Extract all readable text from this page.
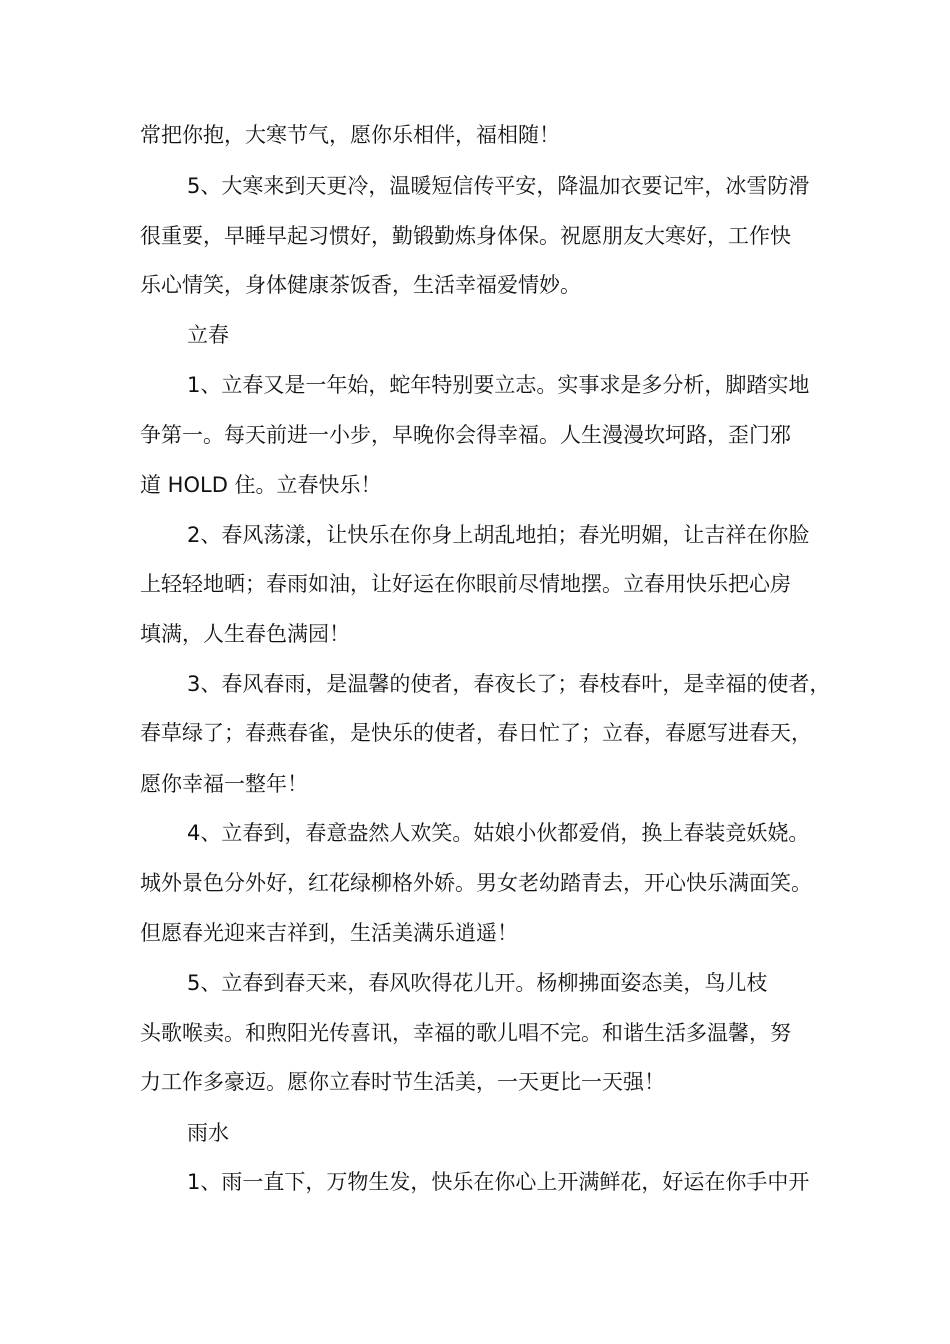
常把你抱，大寒节气，愿你乐相伴，福相随！
5、大寒来到天更冷，温暖短信传平安，降温加衣要记牢，冰雪防滑
很重要，早睡早起习惯好，勤锻勤炼身体保。祝愿朋友大寒好，工作快
乐心情笑，身体健康茶饭香，生活幸福爱情妙。
立春
1、立春又是一年始，蛇年特别要立志。实事求是多分析，脚踏实地
争第一。每天前进一小步，早晚你会得幸福。人生漫漫坎坷路，歪门邪
道 HOLD 住。立春快乐！
2、春风荡漾，让快乐在你身上胡乱地拍；春光明媚，让吉祥在你脸
上轻轻地晒；春雨如油，让好运在你眼前尽情地摆。立春用快乐把心房
填满，人生春色满园！
3、春风春雨，是温馨的使者，春夜长了；春枝春叶，是幸福的使者，
春草绿了；春燕春雀，是快乐的使者，春日忙了；立春，春愿写进春天，
愿你幸福一整年！
4、立春到，春意盎然人欢笑。姑娘小伙都爱俏，换上春装竞妖娆。
城外景色分外好，红花绿柳格外娇。男女老幼踏青去，开心快乐满面笑。
但愿春光迎来吉祥到，生活美满乐逍遥！
5、立春到春天来，春风吹得花儿开。杨柳拂面姿态美，鸟儿枝
头歌喉卖。和煦阳光传喜讯，幸福的歌儿唱不完。和谐生活多温馨，努
力工作多豪迈。愿你立春时节生活美，一天更比一天强！
雨水
1、雨一直下，万物生发，快乐在你心上开满鲜花，好运在你手中开
